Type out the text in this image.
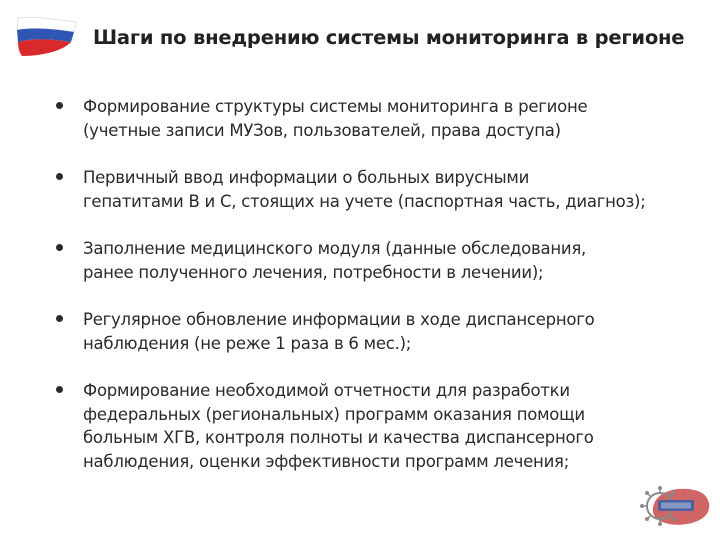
Шаги по внедрению системы мониторинга в регионе
Формирование структуры системы мониторинга в регионе
(учетные записи МУЗов, пользователей, права доступа)
Первичный ввод информации о больных вирусными
гепатитами В и С, стоящих на учете (паспортная часть, диагноз);
Заполнение медицинского модуля (данные обследования,
ранее полученного лечения, потребности в лечении);
Регулярное обновление информации в ходе диспансерного
наблюдения (не реже 1 раза в 6 мес.);
Формирование необходимой отчетности для разработки
федеральных (региональных) программ оказания помощи
больным ХГВ, контроля полноты и качества диспансерного
наблюдения, оценки эффективности программ лечения;
